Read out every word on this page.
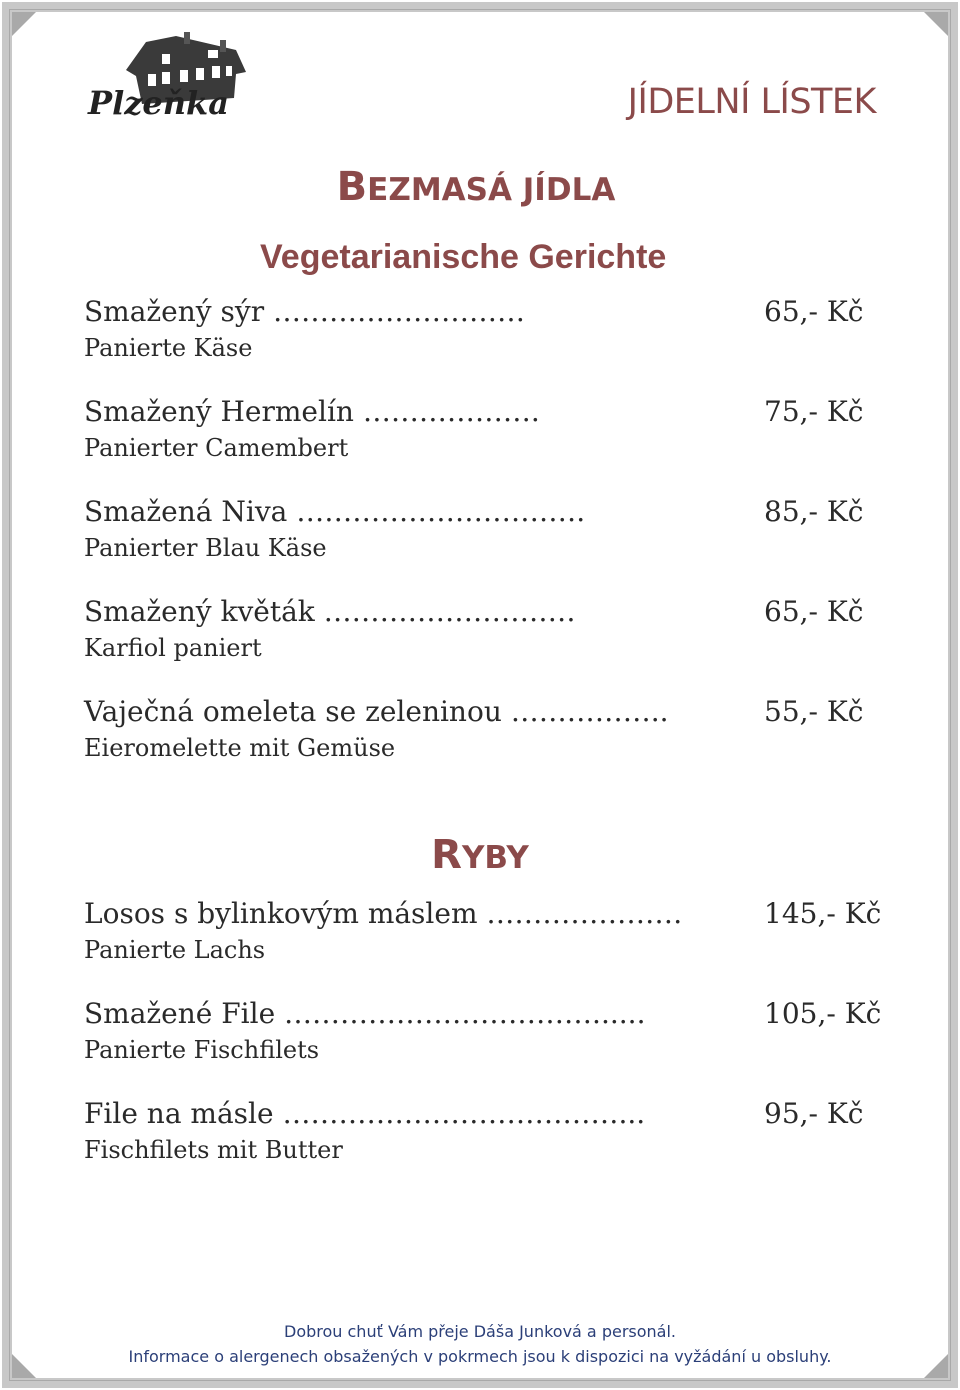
Plzeňka	JÍDELNÍ LÍSTEK
BEZMASÁ JÍDLA
Vegetarianische Gerichte
Smažený sýr ………………………
Panierte Käse
65,- Kč
Smažený Hermelín ……………….
Panierter Camembert
75,- Kč
Smažená Niva ………………………….
Panierter Blau Käse
85,- Kč
Smažený květák ………………………
Karfiol paniert
65,- Kč
Vaječná omeleta se zeleninou ……………..
Eieromelette mit Gemüse
55,- Kč
RYBY
Losos s bylinkovým máslem …………………
Panierte Lachs
145,- Kč
Smažené File ……………………………......
Panierte Fischfilets
105,- Kč
File na másle ………………………………...
Fischfilets mit Butter
95,- Kč
Dobrou chuť Vám přeje Dáša Junková a personál.
Informace o alergenech obsažených v pokrmech jsou k dispozici na vyžádání u obsluhy.
